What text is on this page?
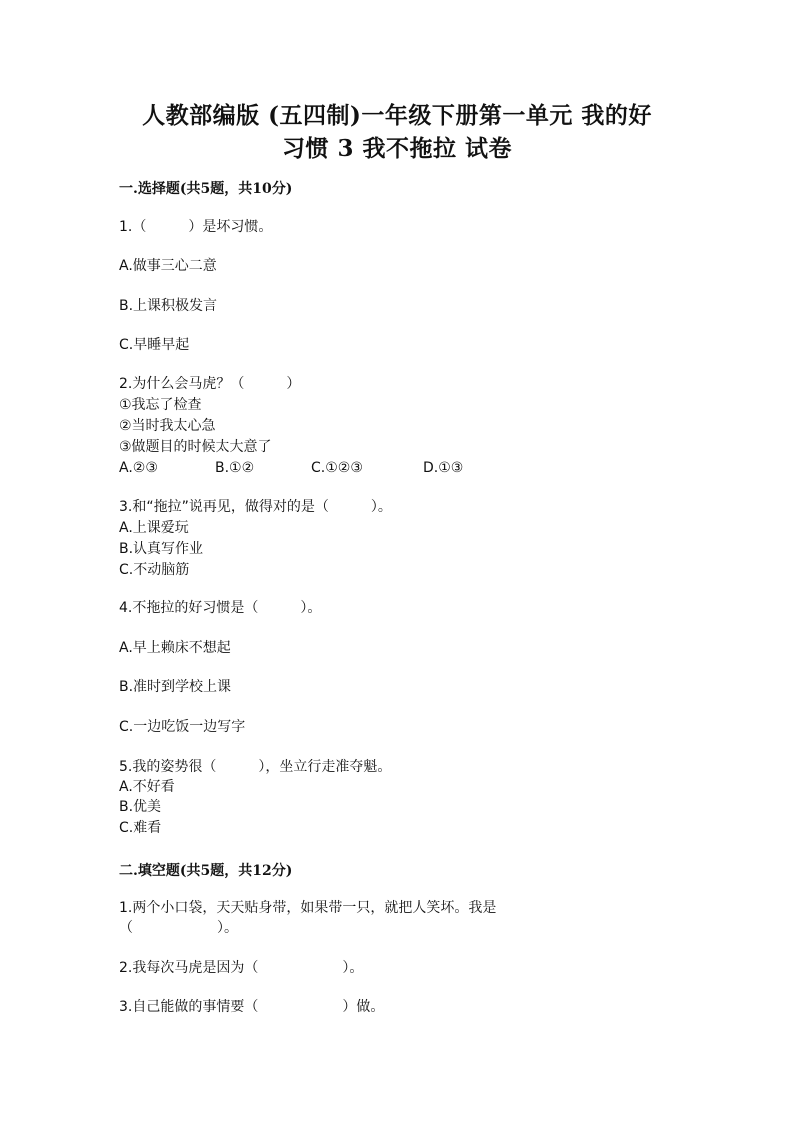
人教部编版 (五四制)一年级下册第一单元 我的好
习惯 3 我不拖拉 试卷
一.选择题(共5题，共10分)
1.（　　　）是坏习惯。
A.做事三心二意
B.上课积极发言
C.早睡早起
2.为什么会马虎？（　　　）
①我忘了检查
②当时我太心急
③做题目的时候太大意了
A.②③	B.①②	C.①②③	D.①③
3.和“拖拉”说再见，做得对的是（　　　）。
A.上课爱玩
B.认真写作业
C.不动脑筋
4.不拖拉的好习惯是（　　　）。
A.早上赖床不想起
B.准时到学校上课
C.一边吃饭一边写字
5.我的姿势很（　　　），坐立行走准夺魁。
A.不好看
B.优美
C.难看
二.填空题(共5题，共12分)
1.两个小口袋，天天贴身带，如果带一只，就把人笑坏。我是
（　　　　　　）。
2.我每次马虎是因为（　　　　　　）。
3.自己能做的事情要（　　　　　　）做。
